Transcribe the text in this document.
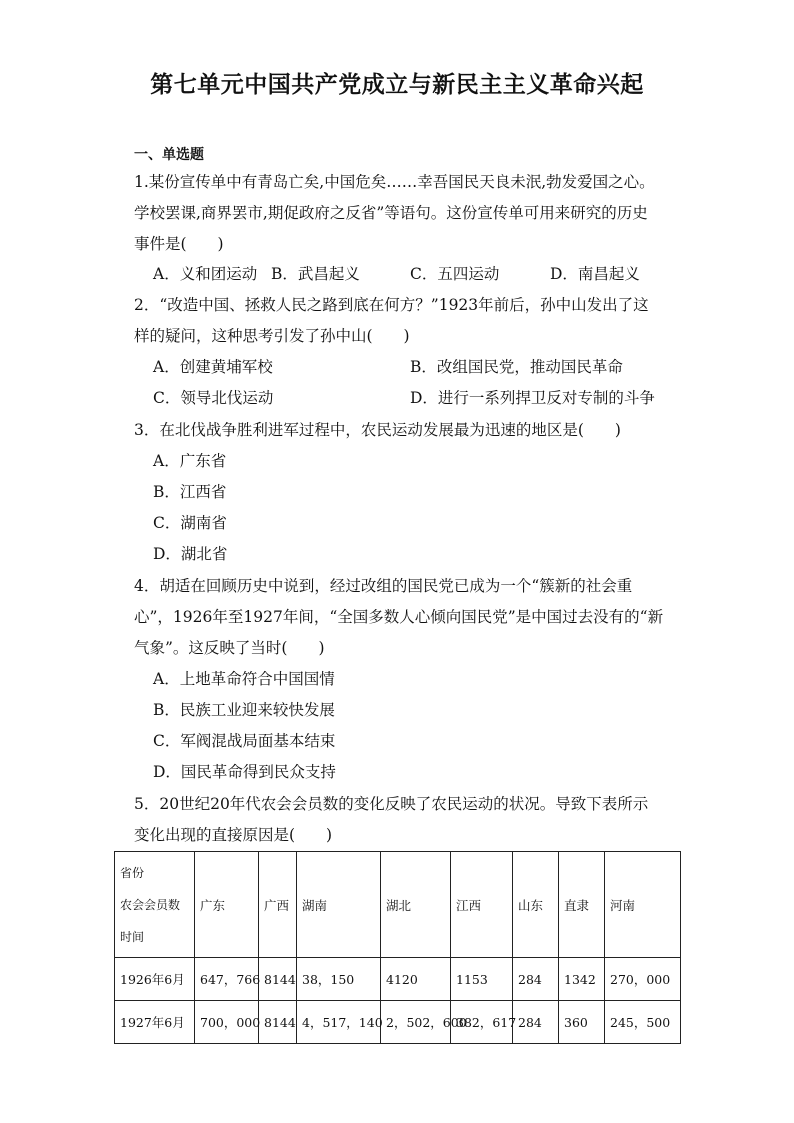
第七单元中国共产党成立与新民主主义革命兴起
一、单选题
1.某份宣传单中有青岛亡矣,中国危矣……幸吾国民天良未泯,勃发爱国之心。
学校罢课,商界罢市,期促政府之反省”等语句。这份宣传单可用来研究的历史
事件是(　　)
A．义和团运动 B．武昌起义	C．五四运动	D．南昌起义
2．“改造中国、拯救人民之路到底在何方？”1923年前后，孙中山发出了这
样的疑问，这种思考引发了孙中山(　　)
A．创建黄埔军校	B．改组国民党，推动国民革命
C．领导北伐运动	D．进行一系列捍卫反对专制的斗争
3．在北伐战争胜利进军过程中，农民运动发展最为迅速的地区是(　　)
A．广东省
B．江西省
C．湖南省
D．湖北省
4．胡适在回顾历史中说到，经过改组的国民党已成为一个“簇新的社会重
心”，1926年至1927年间，“全国多数人心倾向国民党”是中国过去没有的“新
气象”。这反映了当时(　　)
A．上地革命符合中国国情
B．民族工业迎来较快发展
C．军阀混战局面基本结束
D．国民革命得到民众支持
5．20世纪20年代农会会员数的变化反映了农民运动的状况。导致下表所示
变化出现的直接原因是(　　)
省份
农会会员数
时间	广东	广西	湖南	湖北	江西	山东	直隶	河南
1926年6月	647，766	8144	38，150	4120	1153	284	1342	270，000
1927年6月	700，000	8144	4，517，140	2，502，600	382，617	284	360	245，500
